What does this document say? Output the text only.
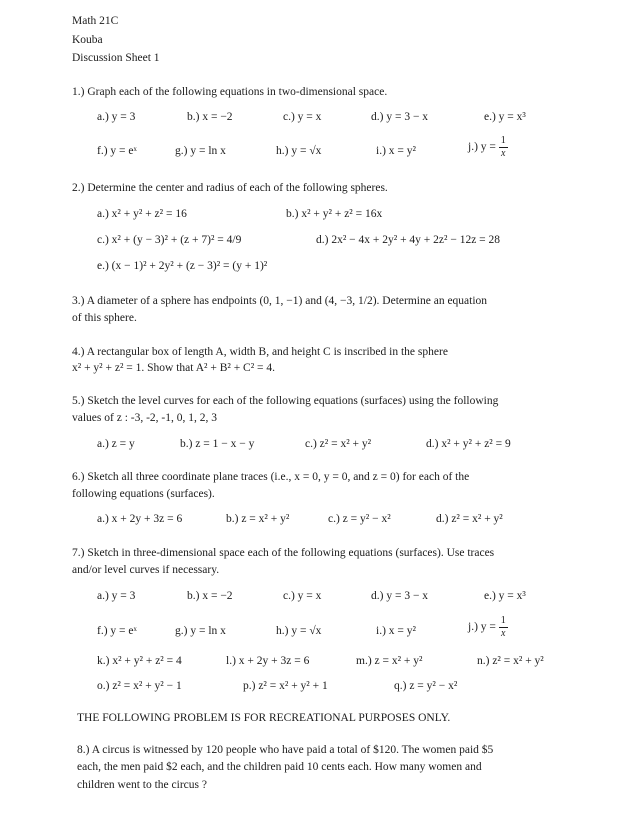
Math 21C
Kouba
Discussion Sheet 1
1.) Graph each of the following equations in two-dimensional space.
a.) y = 3	b.) x = −2	c.) y = x	d.) y = 3 − x	e.) y = x³
f.) y = eˣ	g.) y = ln x	h.) y = √x	i.) x = y²	j.) $y = \frac{1}{x}$
2.) Determine the center and radius of each of the following spheres.
a.) x² + y² + z² = 16	b.) x² + y² + z² = 16x
c.) x² + (y − 3)² + (z + 7)² = 4/9	d.) 2x² − 4x + 2y² + 4y + 2z² − 12z = 28
e.) (x − 1)² + 2y² + (z − 3)² = (y + 1)²
3.) A diameter of a sphere has endpoints (0, 1, −1) and (4, −3, 1/2). Determine an equation
of this sphere.
4.) A rectangular box of length A, width B, and height C is inscribed in the sphere
x² + y² + z² = 1. Show that A² + B² + C² = 4.
5.) Sketch the level curves for each of the following equations (surfaces) using the following
values of z : -3, -2, -1, 0, 1, 2, 3
a.) z = y	b.) z = 1 − x − y	c.) z² = x² + y²	d.) x² + y² + z² = 9
6.) Sketch all three coordinate plane traces (i.e., x = 0, y = 0, and z = 0) for each of the
following equations (surfaces).
a.) x + 2y + 3z = 6	b.) z = x² + y²	c.) z = y² − x²	d.) z² = x² + y²
7.) Sketch in three-dimensional space each of the following equations (surfaces). Use traces
and/or level curves if necessary.
a.) y = 3	b.) x = −2	c.) y = x	d.) y = 3 − x	e.) y = x³
f.) y = eˣ	g.) y = ln x	h.) y = √x	i.) x = y²	j.) $y = \frac{1}{x}$
k.) x² + y² + z² = 4	l.) x + 2y + 3z = 6	m.) z = x² + y²	n.) z² = x² + y²
o.) z² = x² + y² − 1	p.) z² = x² + y² + 1	q.) z = y² − x²
THE FOLLOWING PROBLEM IS FOR RECREATIONAL PURPOSES ONLY.
8.) A circus is witnessed by 120 people who have paid a total of $120. The women paid $5
each, the men paid $2 each, and the children paid 10 cents each. How many women and
children went to the circus ?
